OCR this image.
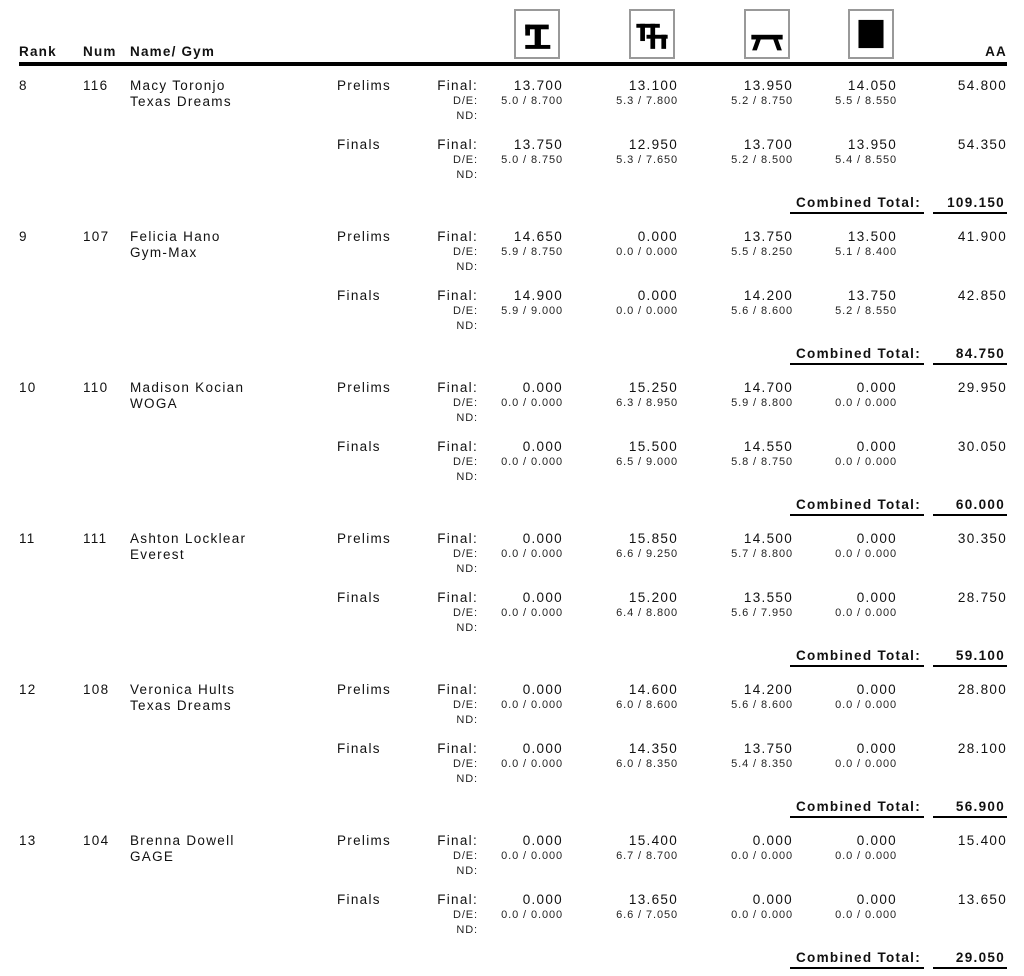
Rank	Num Name/ Gym	AA
8	116	Macy Toronjo	Prelims	Final:	13.700	13.100	13.950	14.050	54.800
Texas Dreams	D/E:	5.0 / 8.700	5.3 / 7.800	5.2 / 8.750	5.5 / 8.550
ND:
Finals	Final:	13.750	12.950	13.700	13.950	54.350
D/E:	5.0 / 8.750	5.3 / 7.650	5.2 / 8.500	5.4 / 8.550
ND:
Combined Total:	109.150
9	107	Felicia Hano	Prelims	Final:	14.650	0.000	13.750	13.500	41.900
Gym-Max	D/E:	5.9 / 8.750	0.0 / 0.000	5.5 / 8.250	5.1 / 8.400
ND:
Finals	Final:	14.900	0.000	14.200	13.750	42.850
D/E:	5.9 / 9.000	0.0 / 0.000	5.6 / 8.600	5.2 / 8.550
ND:
Combined Total:	84.750
10	110	Madison Kocian	Prelims	Final:	0.000	15.250	14.700	0.000	29.950
WOGA	D/E:	0.0 / 0.000	6.3 / 8.950	5.9 / 8.800	0.0 / 0.000
ND:
Finals	Final:	0.000	15.500	14.550	0.000	30.050
D/E:	0.0 / 0.000	6.5 / 9.000	5.8 / 8.750	0.0 / 0.000
ND:
Combined Total:	60.000
11	111	Ashton Locklear	Prelims	Final:	0.000	15.850	14.500	0.000	30.350
Everest	D/E:	0.0 / 0.000	6.6 / 9.250	5.7 / 8.800	0.0 / 0.000
ND:
Finals	Final:	0.000	15.200	13.550	0.000	28.750
D/E:	0.0 / 0.000	6.4 / 8.800	5.6 / 7.950	0.0 / 0.000
ND:
Combined Total:	59.100
12	108	Veronica Hults	Prelims	Final:	0.000	14.600	14.200	0.000	28.800
Texas Dreams	D/E:	0.0 / 0.000	6.0 / 8.600	5.6 / 8.600	0.0 / 0.000
ND:
Finals	Final:	0.000	14.350	13.750	0.000	28.100
D/E:	0.0 / 0.000	6.0 / 8.350	5.4 / 8.350	0.0 / 0.000
ND:
Combined Total:	56.900
13	104	Brenna Dowell	Prelims	Final:	0.000	15.400	0.000	0.000	15.400
GAGE	D/E:	0.0 / 0.000	6.7 / 8.700	0.0 / 0.000	0.0 / 0.000
ND:
Finals	Final:	0.000	13.650	0.000	0.000	13.650
D/E:	0.0 / 0.000	6.6 / 7.050	0.0 / 0.000	0.0 / 0.000
ND:
Combined Total:	29.050
